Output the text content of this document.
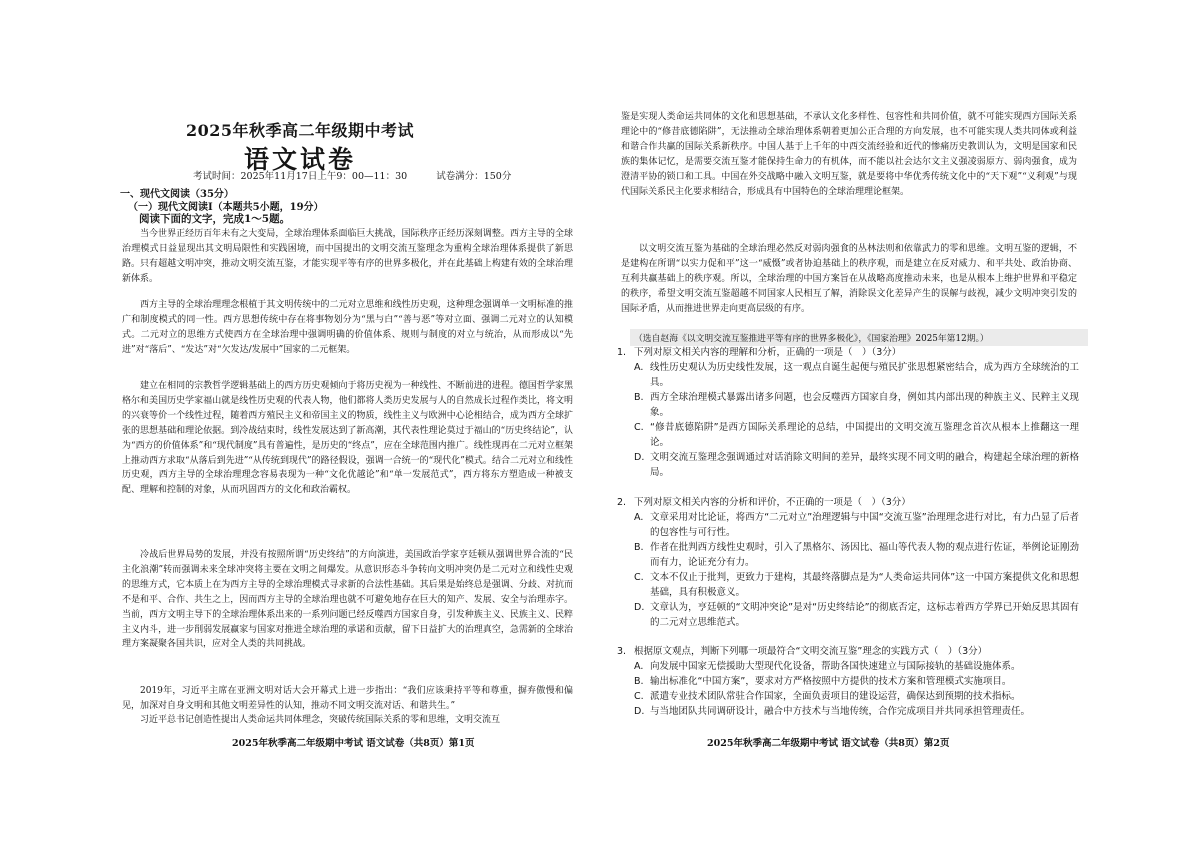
2025年秋季高二年级期中考试
语文试卷
考试时间：2025年11月17日上午9：00—11：30	试卷满分：150分
一、现代文阅读（35分）
（一）现代文阅读Ⅰ（本题共5小题，19分）
阅读下面的文字，完成1～5题。

当今世界正经历百年未有之大变局，全球治理体系面临巨大挑战，国际秩序正经历深刻调整。西方主导的全球治理模式日益显现出其文明局限性和实践困境，而中国提出的文明交流互鉴理念为重构全球治理体系提供了新思路。只有超越文明冲突，推动文明交流互鉴，才能实现平等有序的世界多极化，并在此基础上构建有效的全球治理新体系。

西方主导的全球治理理念根植于其文明传统中的二元对立思维和线性历史观，这种理念强调单一文明标准的推广和制度模式的同一性。西方思想传统中存在将事物划分为“黑与白”“善与恶”等对立面、强调二元对立的认知模式。二元对立的思维方式使西方在全球治理中强调明确的价值体系、规则与制度的对立与统治，从而形成以“先进”对“落后”、“发达”对“欠发达/发展中”国家的二元框架。

建立在相同的宗教哲学逻辑基础上的西方历史观倾向于将历史视为一种线性、不断前进的进程。德国哲学家黑格尔和美国历史学家福山就是线性历史观的代表人物，他们都将人类历史发展与人的自然成长过程作类比，将文明的兴衰等价一个线性过程，随着西方殖民主义和帝国主义的物质，线性主义与欧洲中心论相结合，成为西方全球扩张的思想基础和理论依据。到冷战结束时，线性发展达到了新高潮，其代表性理论莫过于福山的“历史终结论”，认为“西方的价值体系”和“现代制度”具有普遍性，是历史的“终点”，应在全球范围内推广。线性现再在二元对立框架上推动西方求取“从落后到先进”“从传统到现代”的路径假设，强调一合统一的“现代化”模式。结合二元对立和线性历史观，西方主导的全球治理理念容易表现为一种“文化优越论”和“单一发展范式”，西方将东方塑造成一种被支配、理解和控制的对象，从而巩固西方的文化和政治霸权。

冷战后世界局势的发展，并没有按照所谓“历史终结”的方向演进，美国政治学家亨廷顿从强调世界合流的“民主化浪潮”转而强调未来全球冲突将主要在文明之间爆发。从意识形态斗争转向文明冲突仍是二元对立和线性史观的思维方式，它本质上在为西方主导的全球治理模式寻求新的合法性基础。其后果是始终总是强调、分歧、对抗而不是和平、合作、共生之上，因而西方主导的全球治理也就不可避免地存在巨大的知产、发展、安全与治理赤字。当前，西方文明主导下的全球治理体系出来的一系列问题已经反噬西方国家自身，引发种族主义、民族主义、民粹主义内斗，进一步削弱发展赢家与国家对推进全球治理的承诺和贡献，留下日益扩大的治理真空，急需新的全球治理方案凝聚各国共识，应对全人类的共同挑战。

2019年，习近平主席在亚洲文明对话大会开幕式上进一步指出：“我们应该秉持平等和尊重，摒弃傲慢和偏见，加深对自身文明和其他文明差异性的认知，推动不同文明交流对话、和谐共生。”

习近平总书记创造性提出人类命运共同体理念，突破传统国际关系的零和思维，文明交流互

2025年秋季高二年级期中考试 语文试卷（共8页）第1页

鉴是实现人类命运共同体的文化和思想基础，不承认文化多样性、包容性和共同价值，就不可能实现西方国际关系理论中的“修昔底德陷阱”，无法推动全球治理体系朝着更加公正合理的方向发展，也不可能实现人类共同体或利益和谐合作共赢的国际关系新秩序。中国人基于上千年的中西交流经验和近代的惨痛历史教训认为，文明是国家和民族的集体记忆，是需要交流互鉴才能保持生命力的有机体，而不能以社会达尔文主义强凌弱原方、弱肉强食，成为澄清平协的锁口和工具。中国在外交战略中融入文明互鉴，就是要将中华优秀传统文化中的“天下观”“义利观”与现代国际关系民主化要求相结合，形成具有中国特色的全球治理理论框架。

以文明交流互鉴为基础的全球治理必然反对弱肉强食的丛林法则和依靠武力的零和思维。文明互鉴的逻辑，不是建构在所谓“以实力促和平”这一“威慑”或者协迫基础上的秩序观，而是建立在反对威力、和平共处、政治协商、互利共赢基础上的秩序观。所以，全球治理的中国方案旨在从战略高度推动未来，也是从根本上维护世界和平稳定的秩序，希望文明交流互鉴超越不同国家人民相互了解，消除误文化差异产生的误解与歧视，减少文明冲突引发的国际矛盾，从而推进世界走向更高层级的有序。

（选自赵海《以文明交流互鉴推进平等有序的世界多极化》，《国家治理》2025年第12期。）
1. 下列对原文相关内容的理解和分析，正确的一项是（　）（3分）
A. 线性历史观认为历史线性发展，这一观点自诞生起便与殖民扩张思想紧密结合，成为西方全球统治的工具。
B. 西方全球治理模式暴露出诸多问题，也会反噬西方国家自身，例如其内部出现的种族主义、民粹主义现象。
C. “修昔底德陷阱”是西方国际关系理论的总结，中国提出的文明交流互鉴理念首次从根本上推翻这一理论。
D. 文明交流互鉴理念强调通过对话消除文明间的差异，最终实现不同文明的融合，构建起全球治理的新格局。
2. 下列对原文相关内容的分析和评价，不正确的一项是（　）（3分）
A. 文章采用对比论证，将西方“二元对立”治理逻辑与中国“交流互鉴”治理理念进行对比，有力凸显了后者的包容性与可行性。
B. 作者在批判西方线性史观时，引入了黑格尔、汤因比、福山等代表人物的观点进行佐证，举例论证刚劲而有力，论证充分有力。
C. 文本不仅止于批判，更致力于建构，其最终落脚点是为“人类命运共同体”这一中国方案提供文化和思想基础，具有积极意义。
D. 文章认为，亨廷顿的“文明冲突论”是对“历史终结论”的彻底否定，这标志着西方学界已开始反思其固有的二元对立思维范式。
3. 根据原文观点，判断下列哪一项最符合“文明交流互鉴”理念的实践方式（　）（3分）
A. 向发展中国家无偿援助大型现代化设备，帮助各国快速建立与国际接轨的基础设施体系。
B. 输出标准化“中国方案”，要求对方严格按照中方提供的技术方案和管理模式实施项目。
C. 派遣专业技术团队常驻合作国家，全面负责项目的建设运营，确保达到预期的技术指标。
D. 与当地团队共同调研设计，融合中方技术与当地传统，合作完成项目并共同承担管理责任。
2025年秋季高二年级期中考试 语文试卷（共8页）第2页
